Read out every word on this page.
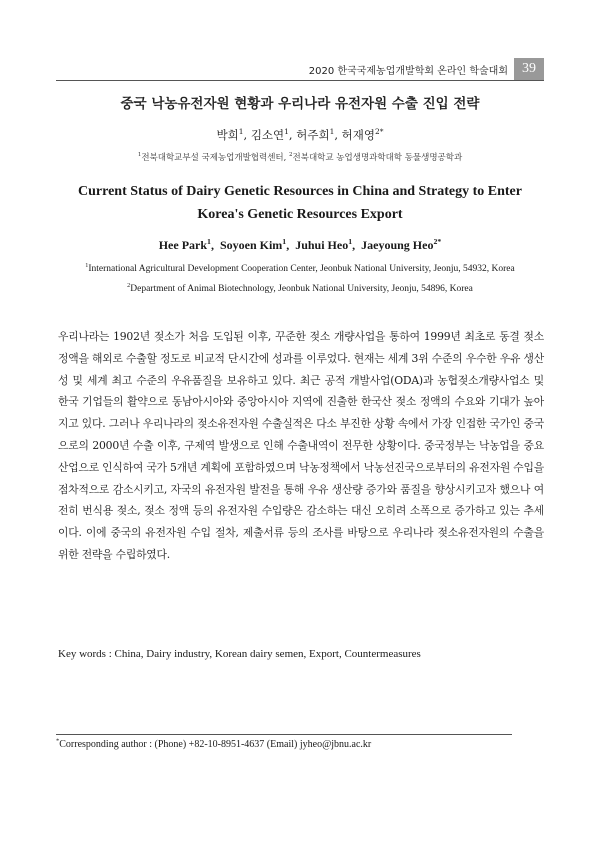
2020 한국국제농업개발학회 온라인 학술대회	39
중국 낙농유전자원 현황과 우리나라 유전자원 수출 진입 전략
박희$^1$, 김소연$^1$, 허주희$^1$, 허재영$^{2*}$
$^1$전북대학교부설 국제농업개발협력센터, $^2$전북대학교 농업생명과학대학 동물생명공학과
Current Status of Dairy Genetic Resources in China and Strategy to Enter
Korea's Genetic Resources Export
Hee Park$^1$,  Soyoen Kim$^1$,  Juhui Heo$^1$,  Jaeyoung Heo$^{2*}$
$^1$International Agricultural Development Cooperation Center, Jeonbuk National University, Jeonju, 54932, Korea
$^2$Department of Animal Biotechnology, Jeonbuk National University, Jeonju, 54896, Korea

우리나라는 1902년 젖소가 처음 도입된 이후, 꾸준한 젖소 개량사업을 통하여 1999년 최초로 동결 젖소 정액을 해외로 수출할 정도로 비교적 단시간에 성과를 이루었다. 현재는 세계 3위 수준의 우수한 우유 생산성 및 세계 최고 수준의 우유품질을 보유하고 있다. 최근 공적 개발사업(ODA)과 농협젖소개량사업소 및 한국 기업들의 활약으로 동남아시아와 중앙아시아 지역에 진출한 한국산 젖소 정액의 수요와 기대가 높아지고 있다. 그러나 우리나라의 젖소유전자원 수출실적은 다소 부진한 상황 속에서 가장 인접한 국가인 중국으로의 2000년 수출 이후, 구제역 발생으로 인해 수출내역이 전무한 상황이다. 중국정부는 낙농업을 중요산업으로 인식하여 국가 5개년 계획에 포함하였으며 낙농정책에서 낙농선진국으로부터의 유전자원 수입을 점차적으로 감소시키고, 자국의 유전자원 발전을 통해 우유 생산량 증가와 품질을 향상시키고자 했으나 여전히 번식용 젖소, 젖소 정액 등의 유전자원 수입량은 감소하는 대신 오히려 소폭으로 증가하고 있는 추세이다. 이에 중국의 유전자원 수입 절차, 제출서류 등의 조사를 바탕으로 우리나라 젖소유전자원의 수출을 위한 전략을 수립하였다.

Key words : China, Dairy industry, Korean dairy semen, Export, Countermeasures
*Corresponding author : (Phone) +82-10-8951-4637 (Email) jyheo@jbnu.ac.kr
